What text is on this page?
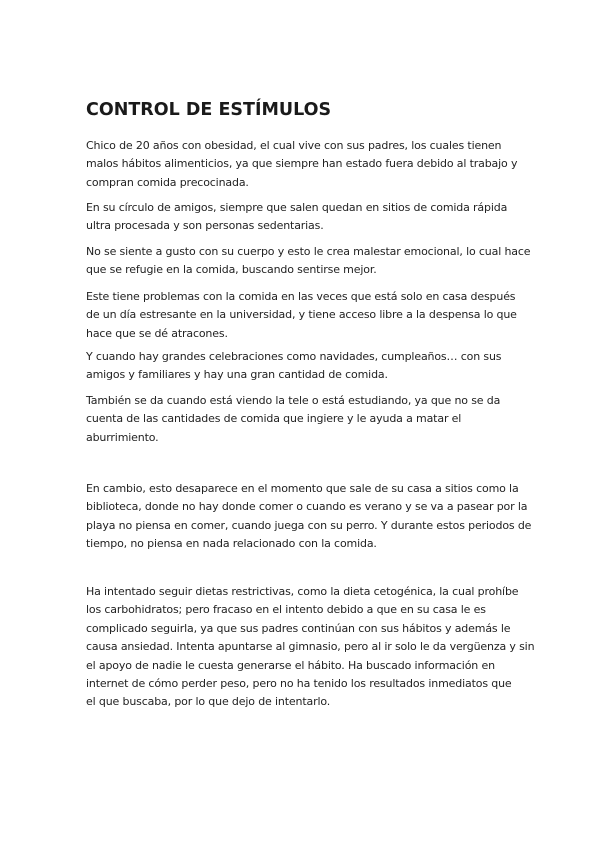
CONTROL DE ESTÍMULOS

Chico de 20 años con obesidad, el cual vive con sus padres, los cuales tienen
malos hábitos alimenticios, ya que siempre han estado fuera debido al trabajo y
compran comida precocinada.

En su círculo de amigos, siempre que salen quedan en sitios de comida rápida
ultra procesada y son personas sedentarias.

No se siente a gusto con su cuerpo y esto le crea malestar emocional, lo cual hace
que se refugie en la comida, buscando sentirse mejor.

Este tiene problemas con la comida en las veces que está solo en casa después
de un día estresante en la universidad, y tiene acceso libre a la despensa lo que
hace que se dé atracones.

Y cuando hay grandes celebraciones como navidades, cumpleaños… con sus
amigos y familiares y hay una gran cantidad de comida.

También se da cuando está viendo la tele o está estudiando, ya que no se da
cuenta de las cantidades de comida que ingiere y le ayuda a matar el
aburrimiento.

En cambio, esto desaparece en el momento que sale de su casa a sitios como la
biblioteca, donde no hay donde comer o cuando es verano y se va a pasear por la
playa no piensa en comer, cuando juega con su perro. Y durante estos periodos de
tiempo, no piensa en nada relacionado con la comida.

Ha intentado seguir dietas restrictivas, como la dieta cetogénica, la cual prohíbe
los carbohidratos; pero fracaso en el intento debido a que en su casa le es
complicado seguirla, ya que sus padres continúan con sus hábitos y además le
causa ansiedad. Intenta apuntarse al gimnasio, pero al ir solo le da vergüenza y sin
el apoyo de nadie le cuesta generarse el hábito. Ha buscado información en
internet de cómo perder peso, pero no ha tenido los resultados inmediatos que
el que buscaba, por lo que dejo de intentarlo.
